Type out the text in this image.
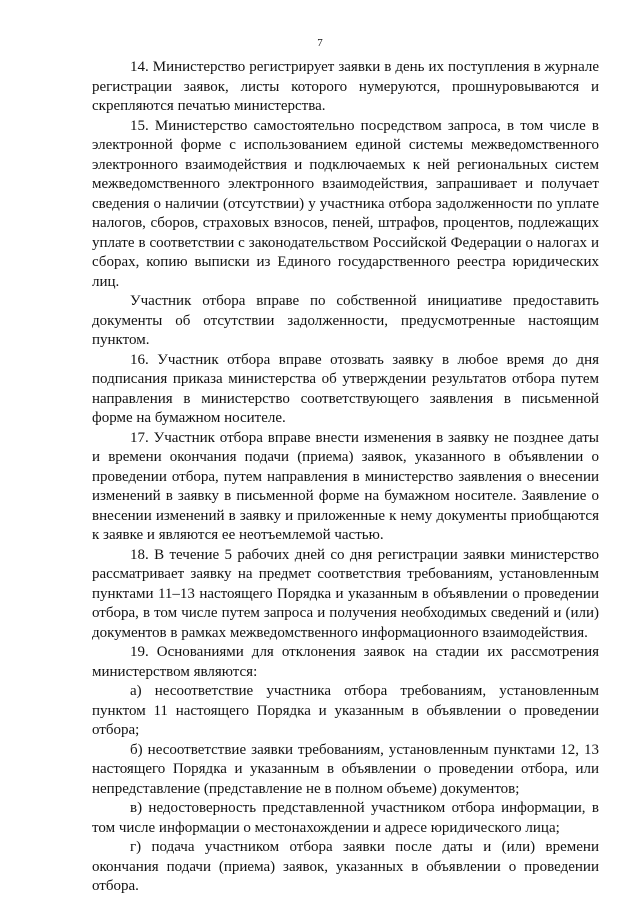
7

14. Министерство регистрирует заявки в день их поступления в журнале регистрации заявок, листы которого нумеруются, прошнуровываются и скрепляются печатью министерства.

15. Министерство самостоятельно посредством запроса, в том числе в электронной форме с использованием единой системы межведомственного электронного взаимодействия и подключаемых к ней региональных систем межведомственного электронного взаимодействия, запрашивает и получает сведения о наличии (отсутствии) у участника отбора задолженности по уплате налогов, сборов, страховых взносов, пеней, штрафов, процентов, подлежащих уплате в соответствии с законодательством Российской Федерации о налогах и сборах, копию выписки из Единого государственного реестра юридических лиц.

Участник отбора вправе по собственной инициативе предоставить документы об отсутствии задолженности, предусмотренные настоящим пунктом.

16. Участник отбора вправе отозвать заявку в любое время до дня подписания приказа министерства об утверждении результатов отбора путем направления в министерство соответствующего заявления в письменной форме на бумажном носителе.

17. Участник отбора вправе внести изменения в заявку не позднее даты и времени окончания подачи (приема) заявок, указанного в объявлении о проведении отбора, путем направления в министерство заявления о внесении изменений в заявку в письменной форме на бумажном носителе. Заявление о внесении изменений в заявку и приложенные к нему документы приобщаются к заявке и являются ее неотъемлемой частью.

18. В течение 5 рабочих дней со дня регистрации заявки министерство рассматривает заявку на предмет соответствия требованиям, установленным пунктами 11–13 настоящего Порядка и указанным в объявлении о проведении отбора, в том числе путем запроса и получения необходимых сведений и (или) документов в рамках межведомственного информационного взаимодействия.

19. Основаниями для отклонения заявок на стадии их рассмотрения министерством являются:

а) несоответствие участника отбора требованиям, установленным пунктом 11 настоящего Порядка и указанным в объявлении о проведении отбора;

б) несоответствие заявки требованиям, установленным пунктами 12, 13 настоящего Порядка и указанным в объявлении о проведении отбора, или непредставление (представление не в полном объеме) документов;

в) недостоверность представленной участником отбора информации, в том числе информации о местонахождении и адресе юридического лица;

г) подача участником отбора заявки после даты и (или) времени окончания подачи (приема) заявок, указанных в объявлении о проведении отбора.
